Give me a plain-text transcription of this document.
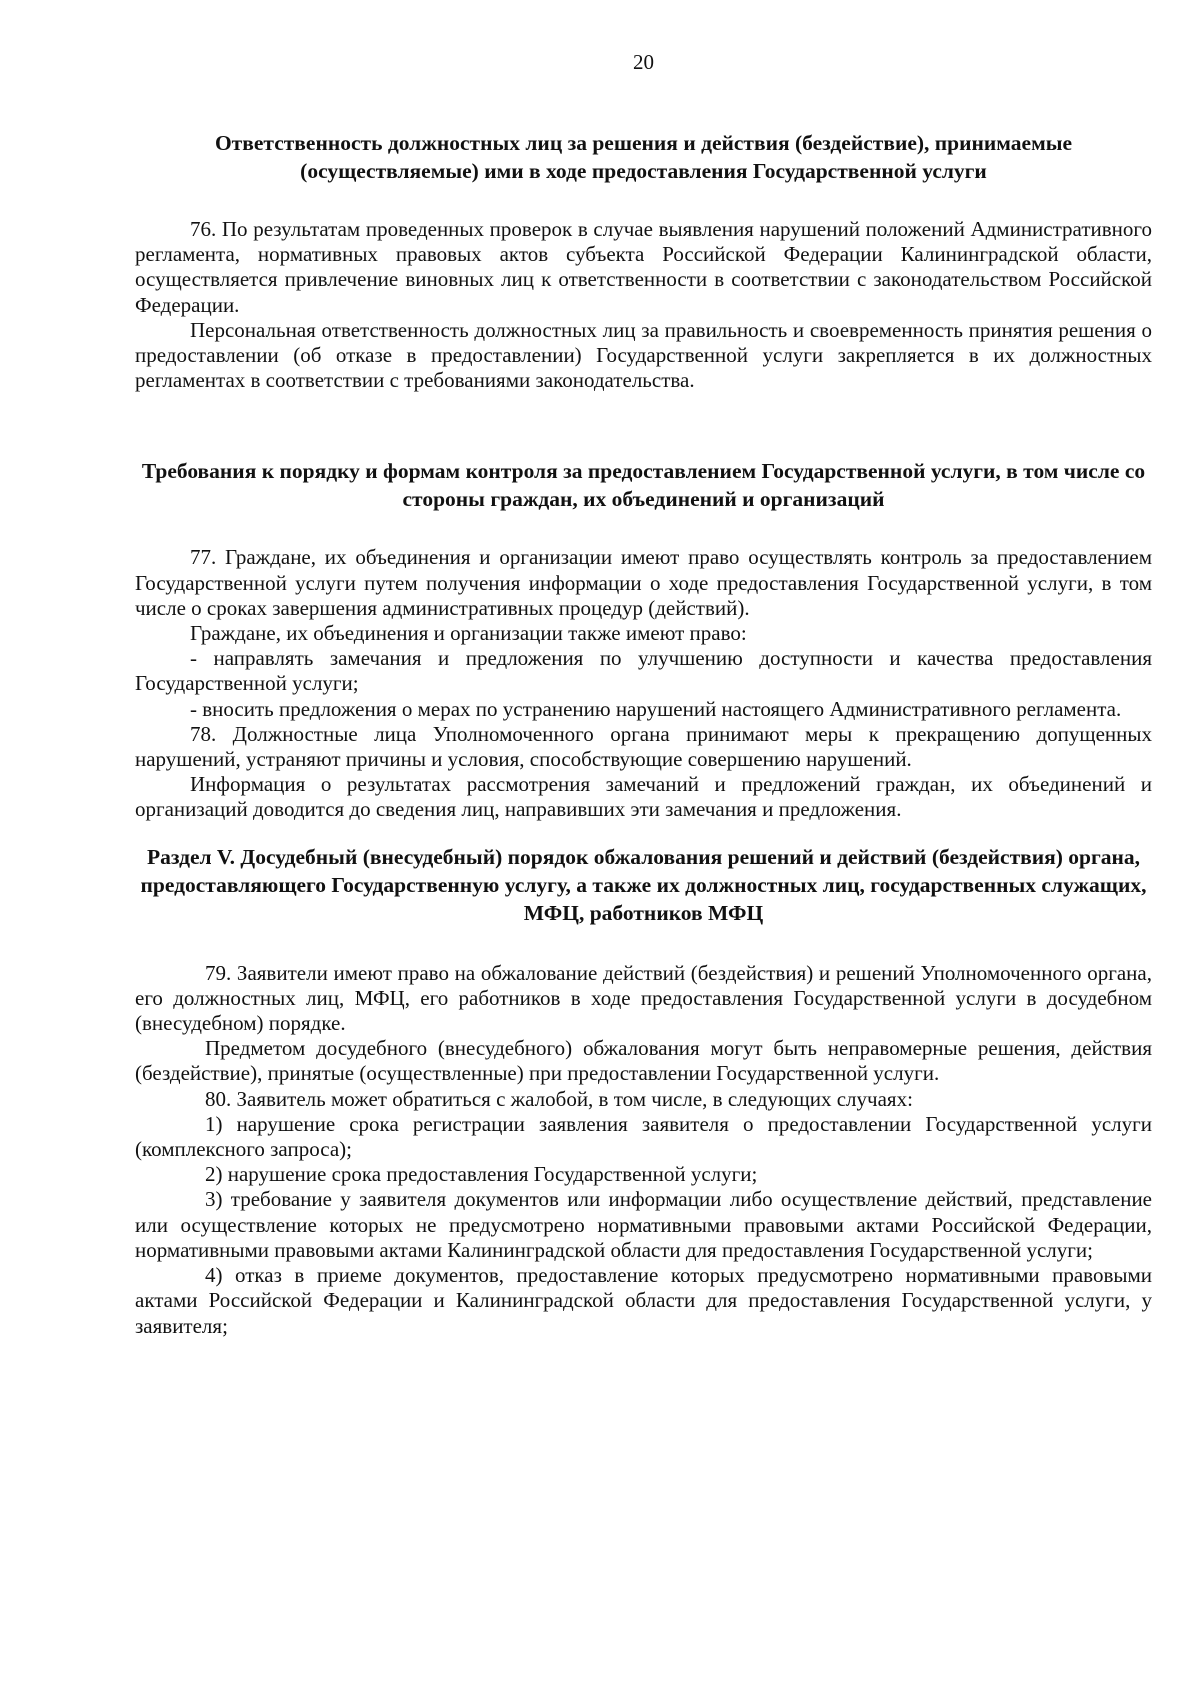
20
Ответственность должностных лиц за решения и действия (бездействие), принимаемые (осуществляемые) ими в ходе предоставления Государственной услуги

76. По результатам проведенных проверок в случае выявления нарушений положений Административного регламента, нормативных правовых актов субъекта Российской Федерации Калининградской области, осуществляется привлечение виновных лиц к ответственности в соответствии с законодательством Российской Федерации.

Персональная ответственность должностных лиц за правильность и своевременность принятия решения о предоставлении (об отказе в предоставлении) Государственной услуги закрепляется в их должностных регламентах в соответствии с требованиями законодательства.

Требования к порядку и формам контроля за предоставлением Государственной услуги, в том числе со стороны граждан, их объединений и организаций

77. Граждане, их объединения и организации имеют право осуществлять контроль за предоставлением Государственной услуги путем получения информации о ходе предоставления Государственной услуги, в том числе о сроках завершения административных процедур (действий).

Граждане, их объединения и организации также имеют право:

- направлять замечания и предложения по улучшению доступности и качества предоставления Государственной услуги;

- вносить предложения о мерах по устранению нарушений настоящего Административного регламента.

78. Должностные лица Уполномоченного органа принимают меры к прекращению допущенных нарушений, устраняют причины и условия, способствующие совершению нарушений.

Информация о результатах рассмотрения замечаний и предложений граждан, их объединений и организаций доводится до сведения лиц, направивших эти замечания и предложения.

Раздел V. Досудебный (внесудебный) порядок обжалования решений и действий (бездействия) органа, предоставляющего Государственную услугу, а также их должностных лиц, государственных служащих, МФЦ, работников МФЦ

79. Заявители имеют право на обжалование действий (бездействия) и решений Уполномоченного органа, его должностных лиц, МФЦ, его работников в ходе предоставления Государственной услуги в досудебном (внесудебном) порядке.

Предметом досудебного (внесудебного) обжалования могут быть неправомерные решения, действия (бездействие), принятые (осуществленные) при предоставлении Государственной услуги.

80. Заявитель может обратиться с жалобой, в том числе, в следующих случаях:

1) нарушение срока регистрации заявления заявителя о предоставлении Государственной услуги (комплексного запроса);

2) нарушение срока предоставления Государственной услуги;

3) требование у заявителя документов или информации либо осуществление действий, представление или осуществление которых не предусмотрено нормативными правовыми актами Российской Федерации, нормативными правовыми актами Калининградской области для предоставления Государственной услуги;

4) отказ в приеме документов, предоставление которых предусмотрено нормативными правовыми актами Российской Федерации и Калининградской области для предоставления Государственной услуги, у заявителя;
